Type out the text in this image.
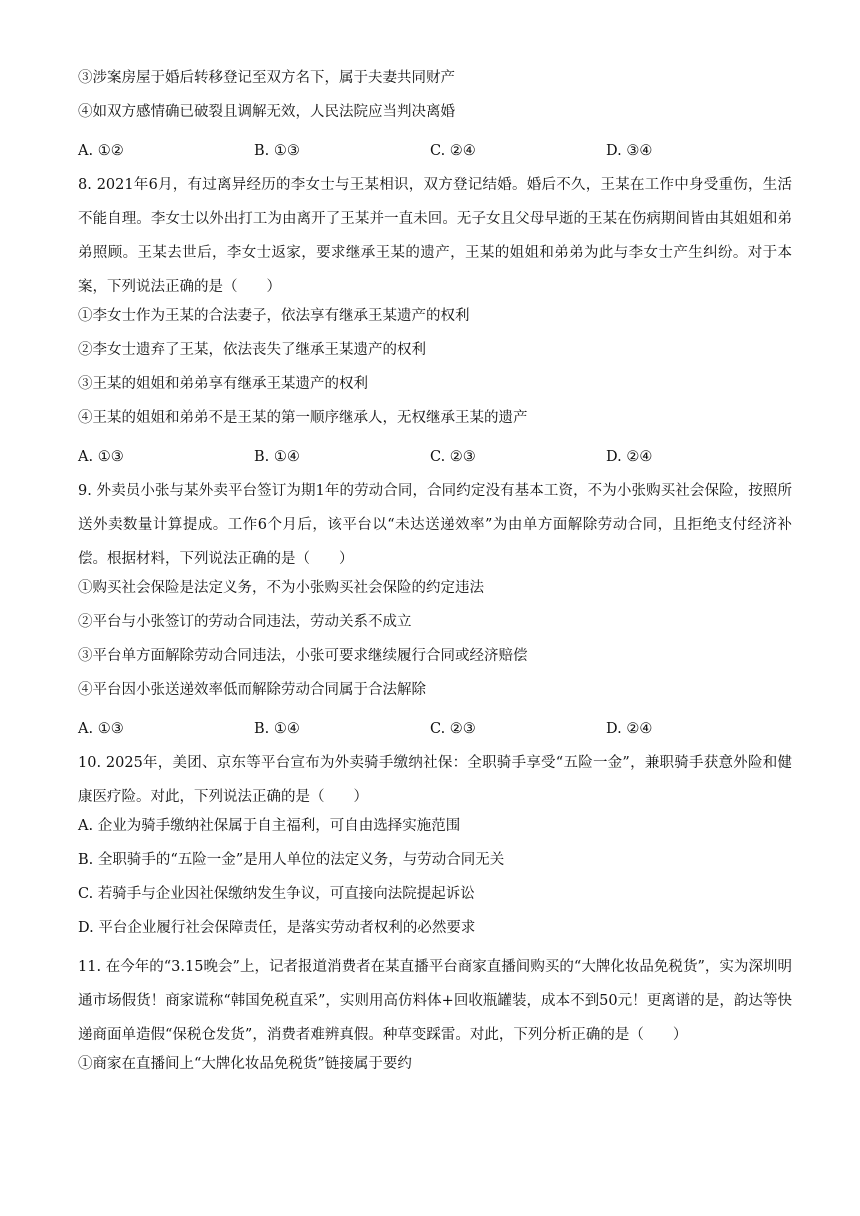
③涉案房屋于婚后转移登记至双方名下，属于夫妻共同财产
④如双方感情确已破裂且调解无效，人民法院应当判决离婚
A. ①②	B. ①③	C. ②④	D. ③④

8. 2021年6月，有过离异经历的李女士与王某相识，双方登记结婚。婚后不久，王某在工作中身受重伤，生活不能自理。李女士以外出打工为由离开了王某并一直未回。无子女且父母早逝的王某在伤病期间皆由其姐姐和弟弟照顾。王某去世后，李女士返家，要求继承王某的遗产，王某的姐姐和弟弟为此与李女士产生纠纷。对于本案，下列说法正确的是（　　）

①李女士作为王某的合法妻子，依法享有继承王某遗产的权利
②李女士遗弃了王某，依法丧失了继承王某遗产的权利
③王某的姐姐和弟弟享有继承王某遗产的权利
④王某的姐姐和弟弟不是王某的第一顺序继承人，无权继承王某的遗产
A. ①③	B. ①④	C. ②③	D. ②④

9. 外卖员小张与某外卖平台签订为期1年的劳动合同，合同约定没有基本工资，不为小张购买社会保险，按照所送外卖数量计算提成。工作6个月后，该平台以“未达送递效率”为由单方面解除劳动合同，且拒绝支付经济补偿。根据材料，下列说法正确的是（　　）

①购买社会保险是法定义务，不为小张购买社会保险的约定违法
②平台与小张签订的劳动合同违法，劳动关系不成立
③平台单方面解除劳动合同违法，小张可要求继续履行合同或经济赔偿
④平台因小张送递效率低而解除劳动合同属于合法解除
A. ①③	B. ①④	C. ②③	D. ②④

10. 2025年，美团、京东等平台宣布为外卖骑手缴纳社保：全职骑手享受“五险一金”，兼职骑手获意外险和健康医疗险。对此，下列说法正确的是（　　）

A. 企业为骑手缴纳社保属于自主福利，可自由选择实施范围
B. 全职骑手的“五险一金”是用人单位的法定义务，与劳动合同无关
C. 若骑手与企业因社保缴纳发生争议，可直接向法院提起诉讼
D. 平台企业履行社会保障责任，是落实劳动者权利的必然要求

11. 在今年的“3.15晚会”上，记者报道消费者在某直播平台商家直播间购买的“大牌化妆品免税货”，实为深圳明通市场假货！商家谎称“韩国免税直采”，实则用高仿料体+回收瓶罐装，成本不到50元！更离谱的是，韵达等快递商面单造假“保税仓发货”，消费者难辨真假。种草变踩雷。对此，下列分析正确的是（　　）

①商家在直播间上“大牌化妆品免税货”链接属于要约
